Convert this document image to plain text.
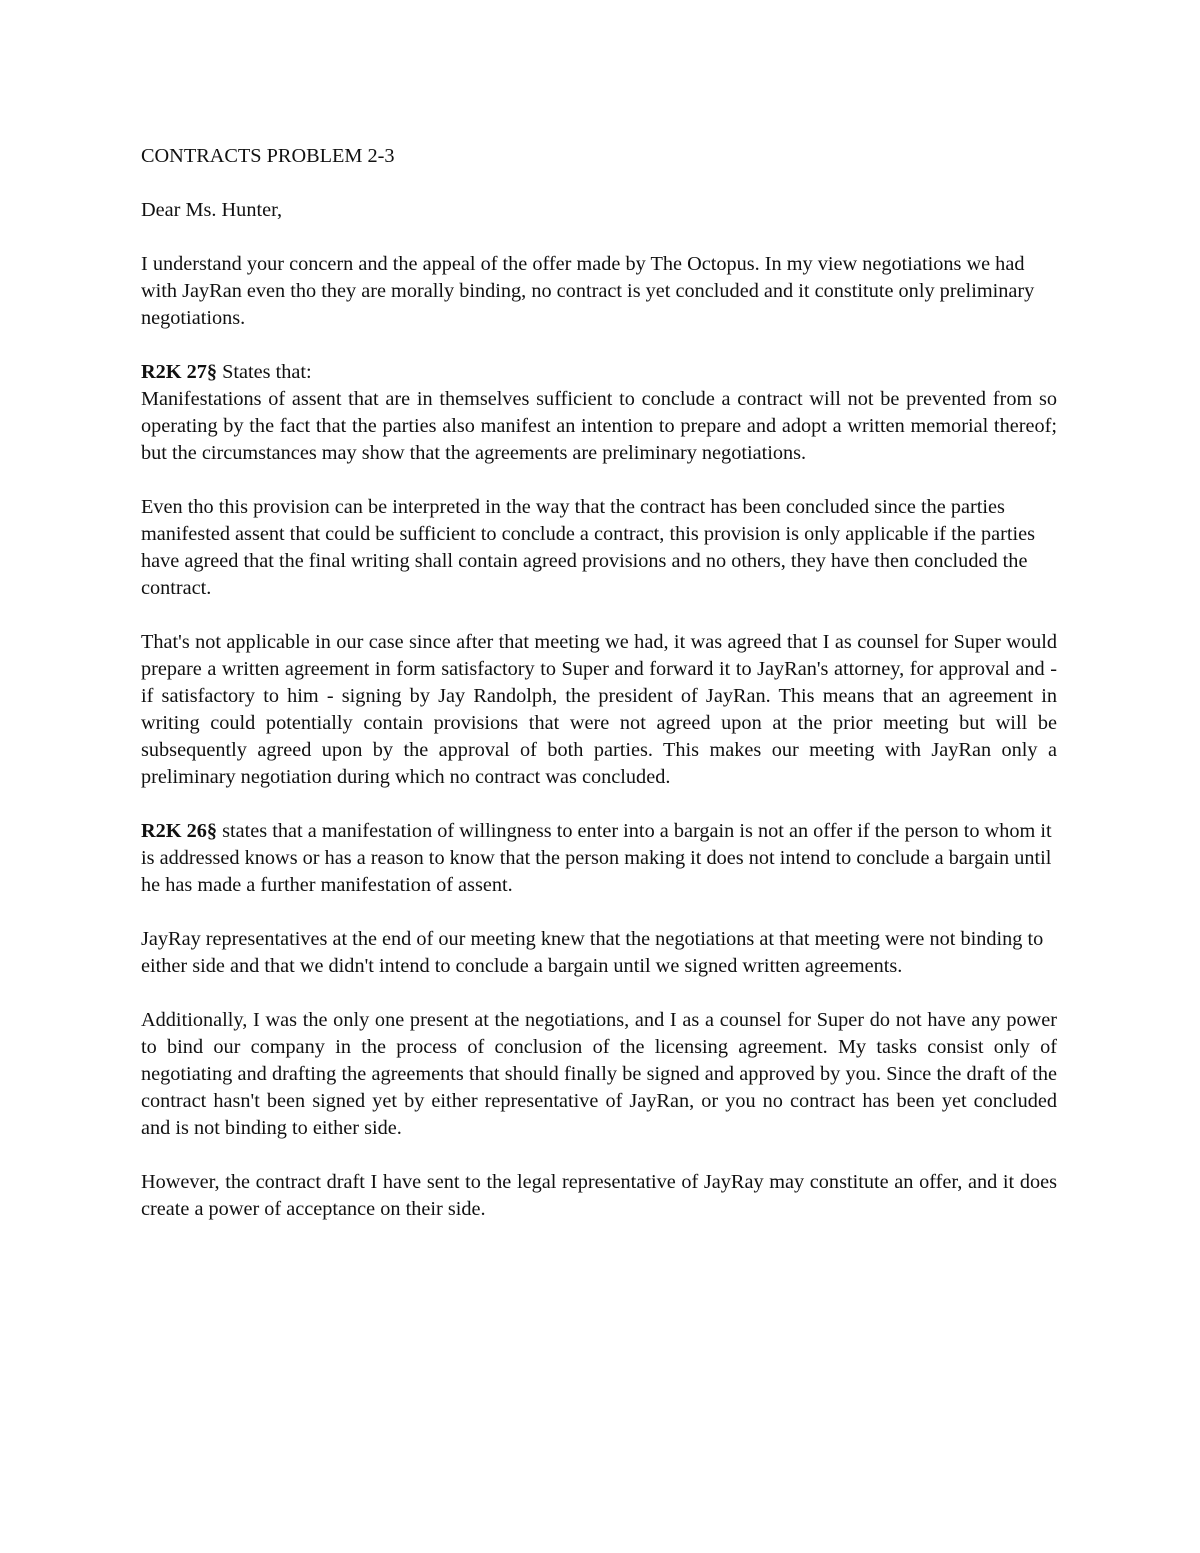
CONTRACTS PROBLEM 2-3

Dear Ms. Hunter,

I understand your concern and the appeal of the offer made by The Octopus. In my view negotiations we had with JayRan even tho they are morally binding, no contract is yet concluded and it constitute only preliminary negotiations.

R2K 27§ States that:
Manifestations of assent that are in themselves sufficient to conclude a contract will not be prevented from so operating by the fact that the parties also manifest an intention to prepare and adopt a written memorial thereof; but the circumstances may show that the agreements are preliminary negotiations.

Even tho this provision can be interpreted in the way that the contract has been concluded since the parties manifested assent that could be sufficient to conclude a contract, this provision is only applicable if the parties have agreed that the final writing shall contain agreed provisions and no others, they have then concluded the contract.

That's not applicable in our case since after that meeting we had, it was agreed that I as counsel for Super would prepare a written agreement in form satisfactory to Super and forward it to JayRan's attorney, for approval and - if satisfactory to him - signing by Jay Randolph, the president of JayRan. This means that an agreement in writing could potentially contain provisions that were not agreed upon at the prior meeting but will be subsequently agreed upon by the approval of both parties. This makes our meeting with JayRan only a preliminary negotiation during which no contract was concluded.

R2K 26§ states that a manifestation of willingness to enter into a bargain is not an offer if the person to whom it is addressed knows or has a reason to know that the person making it does not intend to conclude a bargain until he has made a further manifestation of assent.

JayRay representatives at the end of our meeting knew that the negotiations at that meeting were not binding to either side and that we didn't intend to conclude a bargain until we signed written agreements.

Additionally, I was the only one present at the negotiations, and I as a counsel for Super do not have any power to bind our company in the process of conclusion of the licensing agreement. My tasks consist only of negotiating and drafting the agreements that should finally be signed and approved by you. Since the draft of the contract hasn't been signed yet by either representative of JayRan, or you no contract has been yet concluded and is not binding to either side.

However, the contract draft I have sent to the legal representative of JayRay may constitute an offer, and it does create a power of acceptance on their side.
